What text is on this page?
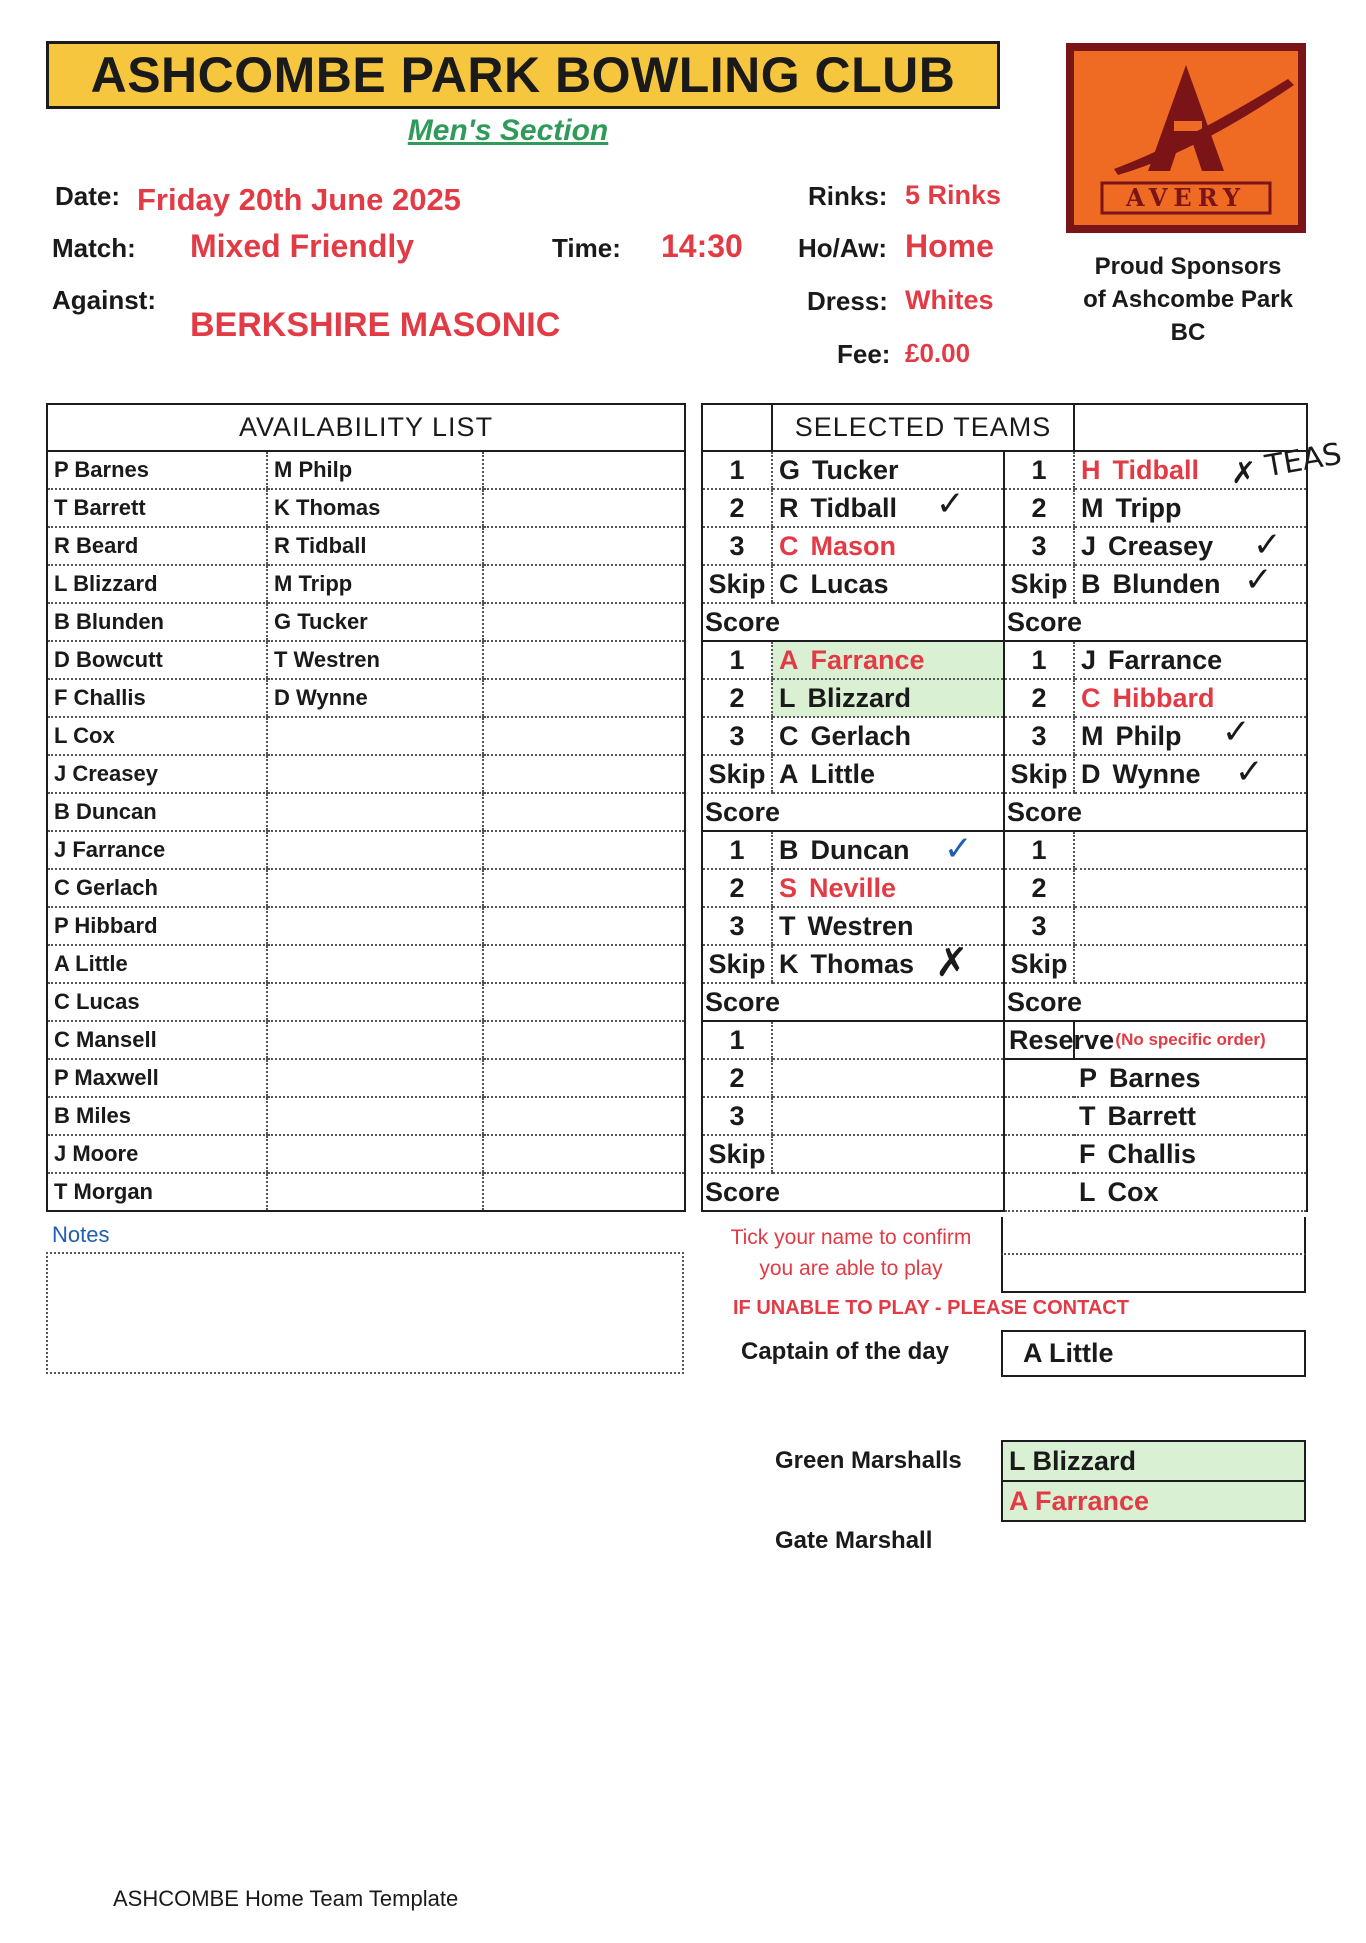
ASHCOMBE PARK BOWLING CLUB
Men's Section
AVERY
Proud Sponsors
of Ashcombe Park
BC
Date: Friday 20th June 2025
Match: Mixed Friendly	Time: 14:30
Against:
BERKSHIRE MASONIC
Rinks: 5 Rinks
Ho/Aw: Home
Dress: Whites
Fee: £0.00
AVAILABILITY LIST		
P Barnes	M Philp	
T Barrett	K Thomas	
R Beard	R Tidball	
L Blizzard	M Tripp	
B Blunden	G Tucker	
D Bowcutt	T Westren	
F Challis	D Wynne	
L Cox		
J Creasey		
B Duncan		
J Farrance		
C Gerlach		
P Hibbard		
A Little		
C Lucas		
C Mansell		
P Maxwell		
B Miles		
J Moore		
T Morgan		
	SELECTED TEAMS		
1	G Tucker	1	H Tidball
2	R Tidball	2	M Tripp
3	C Mason	3	J Creasey
Skip	C Lucas	Skip	B Blunden
Score		Score	
1	A Farrance	1	J Farrance
2	L Blizzard	2	C Hibbard
3	C Gerlach	3	M Philp
Skip	A Little	Skip	D Wynne
Score		Score	
1	B Duncan	1	
2	S Neville	2	
3	T Westren	3	
Skip	K Thomas	Skip	
Score		Score	
1		Reserve	(No specific order)
2		P Barnes	
3		T Barrett	
Skip		F Challis	
Score		L Cox	
✓
✓
✓
✓
✓
✓
✗
✗ TEAS
Notes	Tick your name to confirm
you are able to play
IF UNABLE TO PLAY - PLEASE CONTACT
Captain of the day	A Little
Green Marshalls L Blizzard
A Farrance
Gate Marshall
ASHCOMBE Home Team Template
